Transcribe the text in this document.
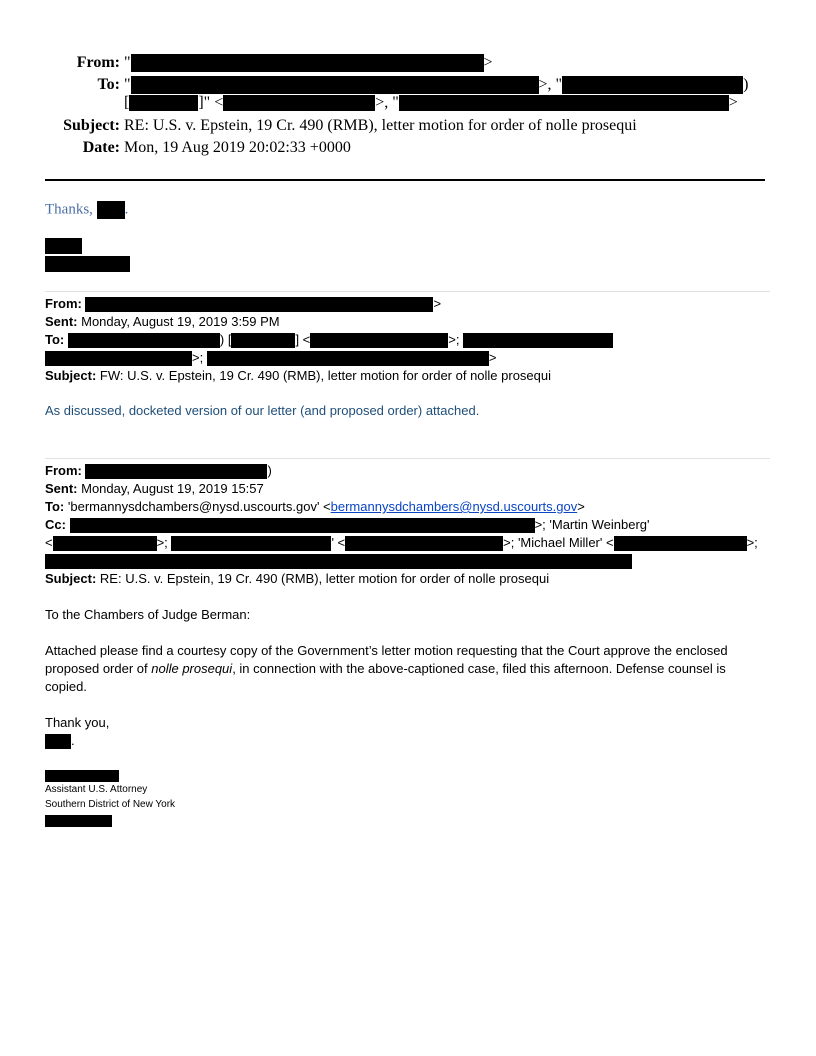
From: "	>
To: "	>, "	)
[	]" <	>, "	>
Subject: RE: U.S. v. Epstein, 19 Cr. 490 (RMB), letter motion for order of nolle prosequi
Date: Mon, 19 Aug 2019 20:02:33 +0000
Thanks, .
From:	>
Sent: Monday, August 19, 2019 3:59 PM
To:	) [	] <	>;
>;	>
Subject: FW: U.S. v. Epstein, 19 Cr. 490 (RMB), letter motion for order of nolle prosequi
As discussed, docketed version of our letter (and proposed order) attached.
From:	)
Sent: Monday, August 19, 2019 15:57
To: 'bermannysdchambers@nysd.uscourts.gov' <bermannysdchambers@nysd.uscourts.gov>
Cc:	>; 'Martin Weinberg'
<	>;	' <	>; 'Michael Miller' <	>;
Subject: RE: U.S. v. Epstein, 19 Cr. 490 (RMB), letter motion for order of nolle prosequi
To the Chambers of Judge Berman:
Attached please find a courtesy copy of the Government’s letter motion requesting that the Court approve the enclosed
proposed order of nolle prosequi, in connection with the above-captioned case, filed this afternoon. Defense counsel is
copied.
Thank you,
.
Assistant U.S. Attorney
Southern District of New York
